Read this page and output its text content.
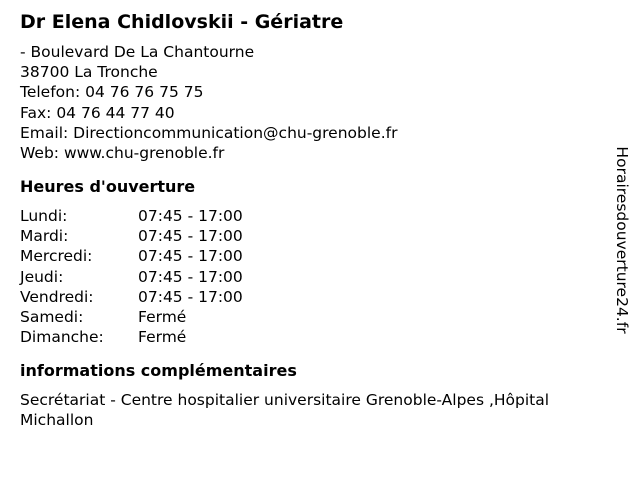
Dr Elena Chidlovskii - Gériatre
- Boulevard De La Chantourne
38700 La Tronche
Telefon: 04 76 76 75 75
Fax: 04 76 44 77 40
Email: Directioncommunication@chu-grenoble.fr
Web: www.chu-grenoble.fr
Heures d'ouverture
Lundi:	07:45 - 17:00
Mardi:	07:45 - 17:00
Mercredi:	07:45 - 17:00
Jeudi:	07:45 - 17:00
Vendredi:	07:45 - 17:00
Samedi:	Fermé
Dimanche: Fermé
informations complémentaires
Secrétariat - Centre hospitalier universitaire Grenoble-Alpes ,Hôpital Michallon
Horairesdouverture24.fr
